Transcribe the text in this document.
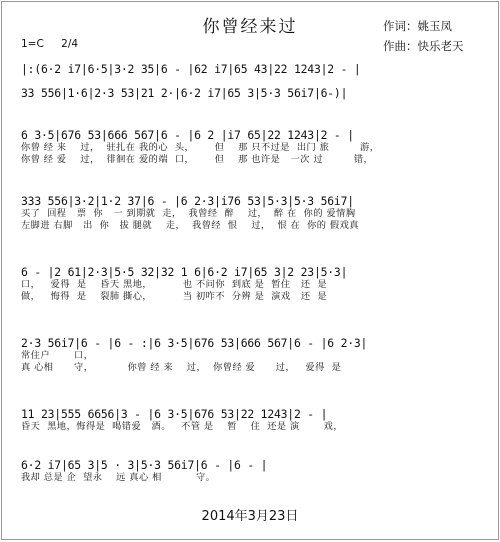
你曾经来过	作词：姚玉凤
作曲：快乐老天
1=C 2/4
|:(6·2 i7|6·5|3·2 35|6 - |62 i7|65 43|22 1243|2 - |
33 556|1·6|2·3 53|21 2·|6·2 i7|65 3|5·3 56i7|6-)|
6 3·5|676 53|666 567|6 - |6 2 |i7 65|22 1243|2 - |
你曾 经 来    过，  驻扎在 我的心  头，      但    那 只不过是  出门 旅         游，
你曾 经 爱    过，  徘徊在 爱的端  口，      但    那 也许是   一次 过         错，
333 556|3·2|1·2 37|6 - |6 2·3|i76 53|5·3|5·3 56i7|
买了  回程   票  你   一 到期就  走，  我曾经  醉    过，  醉 在  你的 爱情胸
左脚进 右脚   出  你   拔 腿就    走，  我曾经  恨    过，  恨 在  你的 假戏真
6 - |2 61|2·3|5·5 32|32 1 6|6·2 i7|65 3|2 23|5·3|
口，   爱得  是    昏天 黑地，         也 不问你  到底 是  暂住   还  是
做，   悔得  是    裂肺 撕心，         当 初咋不  分辨 是  演戏   还  是
2·3 56i7|6 - |6 - :|6 3·5|676 53|666 567|6 - |6 2·3|
常住户       口，
真 心相      守，          你曾 经 来    过，  你曾经 爱      过，   爱得  是
11 23|555 6656|3 - |6 3·5|676 53|22 1243|2 - |
昏天  黑地，悔得是  喝错爱   酒。   不管 是    暂    住  还是 演       戏，
6·2 i7|65 3|5 · 3|5·3 56i7|6 - |6 - |
我却 总是 企  望永    远 真心 相          守。
2014年3月23日
